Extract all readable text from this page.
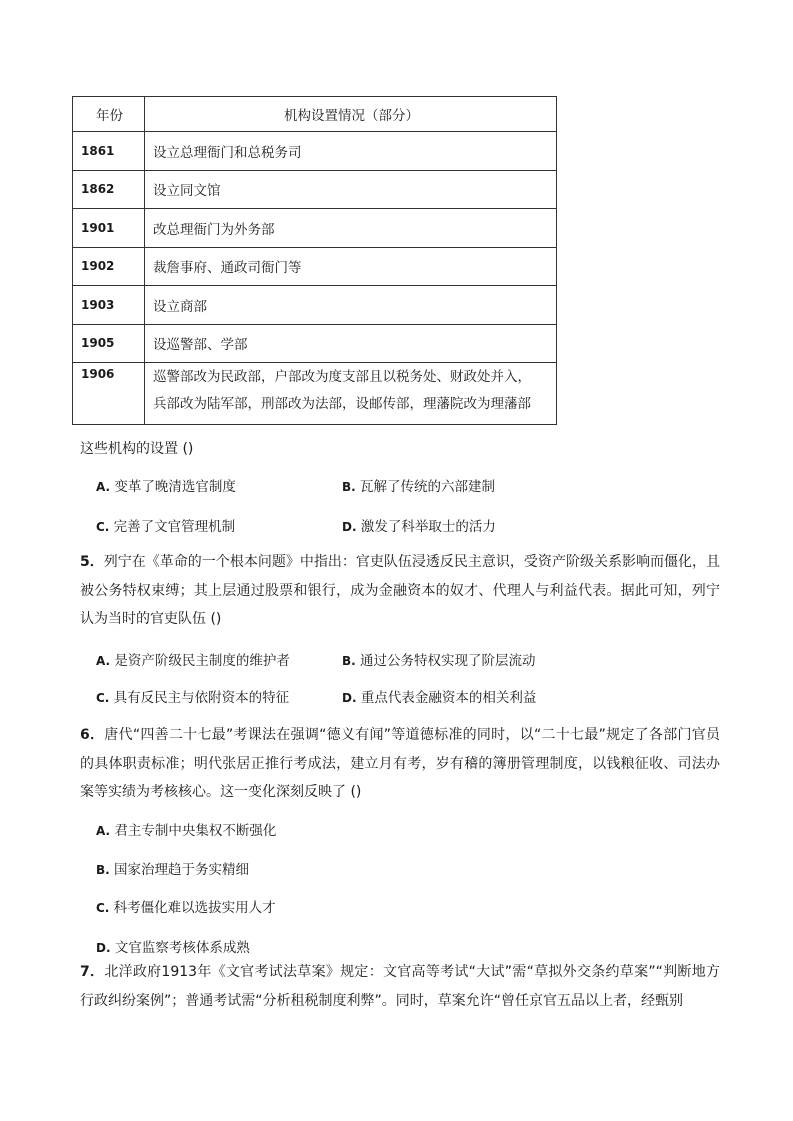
年份	机构设置情况（部分）
1861	设立总理衙门和总税务司
1862	设立同文馆
1901	改总理衙门为外务部
1902	裁詹事府、通政司衙门等
1903	设立商部
1905	设巡警部、学部
1906	巡警部改为民政部，户部改为度支部且以税务处、财政处并入，
兵部改为陆军部，刑部改为法部，设邮传部，理藩院改为理藩部
这些机构的设置 ()
A. 变革了晚清选官制度	B. 瓦解了传统的六部建制
C. 完善了文官管理机制	D. 激发了科举取士的活力
5．列宁在《革命的一个根本问题》中指出：官吏队伍浸透反民主意识，受资产阶级关系影响而僵化，且被公务特权束缚；其上层通过股票和银行，成为金融资本的奴才、代理人与利益代表。据此可知，列宁认为当时的官吏队伍 ()
A. 是资产阶级民主制度的维护者	B. 通过公务特权实现了阶层流动
C. 具有反民主与依附资本的特征	D. 重点代表金融资本的相关利益
6．唐代“四善二十七最”考课法在强调“德义有闻”等道德标准的同时，以“二十七最”规定了各部门官员的具体职责标准；明代张居正推行考成法，建立月有考，岁有稽的簿册管理制度，以钱粮征收、司法办案等实绩为考核核心。这一变化深刻反映了 ()
A. 君主专制中央集权不断强化
B. 国家治理趋于务实精细
C. 科考僵化难以选拔实用人才
D. 文官监察考核体系成熟
7．北洋政府1913年《文官考试法草案》规定：文官高等考试“大试”需“草拟外交条约草案”“判断地方行政纠纷案例”；普通考试需“分析租税制度利弊”。同时，草案允许“曾任京官五品以上者，经甄别
